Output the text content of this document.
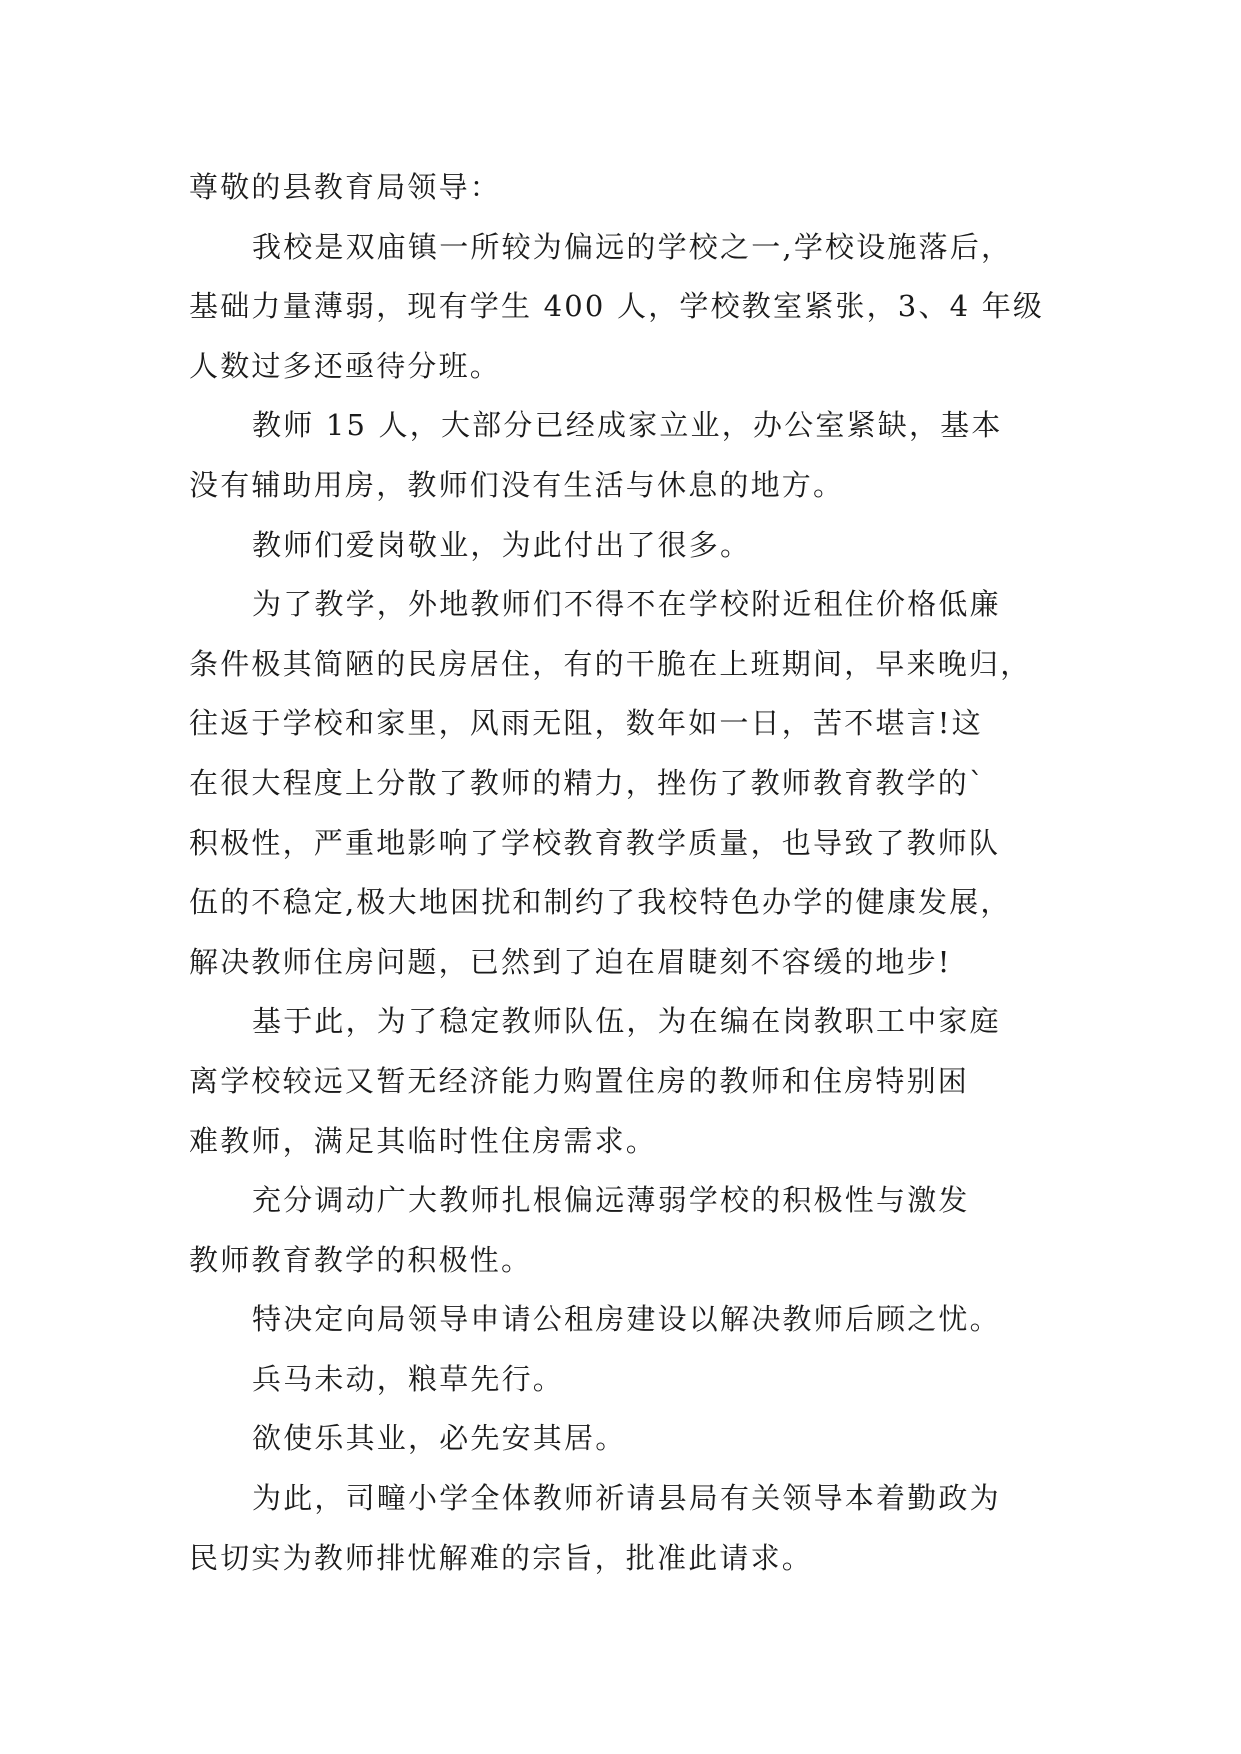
尊敬的县教育局领导：

我校是双庙镇一所较为偏远的学校之一,学校设施落后，

基础力量薄弱，现有学生 400 人，学校教室紧张，3、4 年级

人数过多还亟待分班。

教师 15 人，大部分已经成家立业，办公室紧缺，基本

没有辅助用房，教师们没有生活与休息的地方。

教师们爱岗敬业，为此付出了很多。

为了教学，外地教师们不得不在学校附近租住价格低廉

条件极其简陋的民房居住，有的干脆在上班期间，早来晚归，

往返于学校和家里，风雨无阻，数年如一日，苦不堪言!这

在很大程度上分散了教师的精力，挫伤了教师教育教学的`

积极性，严重地影响了学校教育教学质量，也导致了教师队

伍的不稳定,极大地困扰和制约了我校特色办学的健康发展，

解决教师住房问题，已然到了迫在眉睫刻不容缓的地步!

基于此，为了稳定教师队伍，为在编在岗教职工中家庭

离学校较远又暂无经济能力购置住房的教师和住房特别困

难教师，满足其临时性住房需求。

充分调动广大教师扎根偏远薄弱学校的积极性与激发

教师教育教学的积极性。

特决定向局领导申请公租房建设以解决教师后顾之忧。

兵马未动，粮草先行。

欲使乐其业，必先安其居。

为此，司疃小学全体教师祈请县局有关领导本着勤政为

民切实为教师排忧解难的宗旨，批准此请求。
